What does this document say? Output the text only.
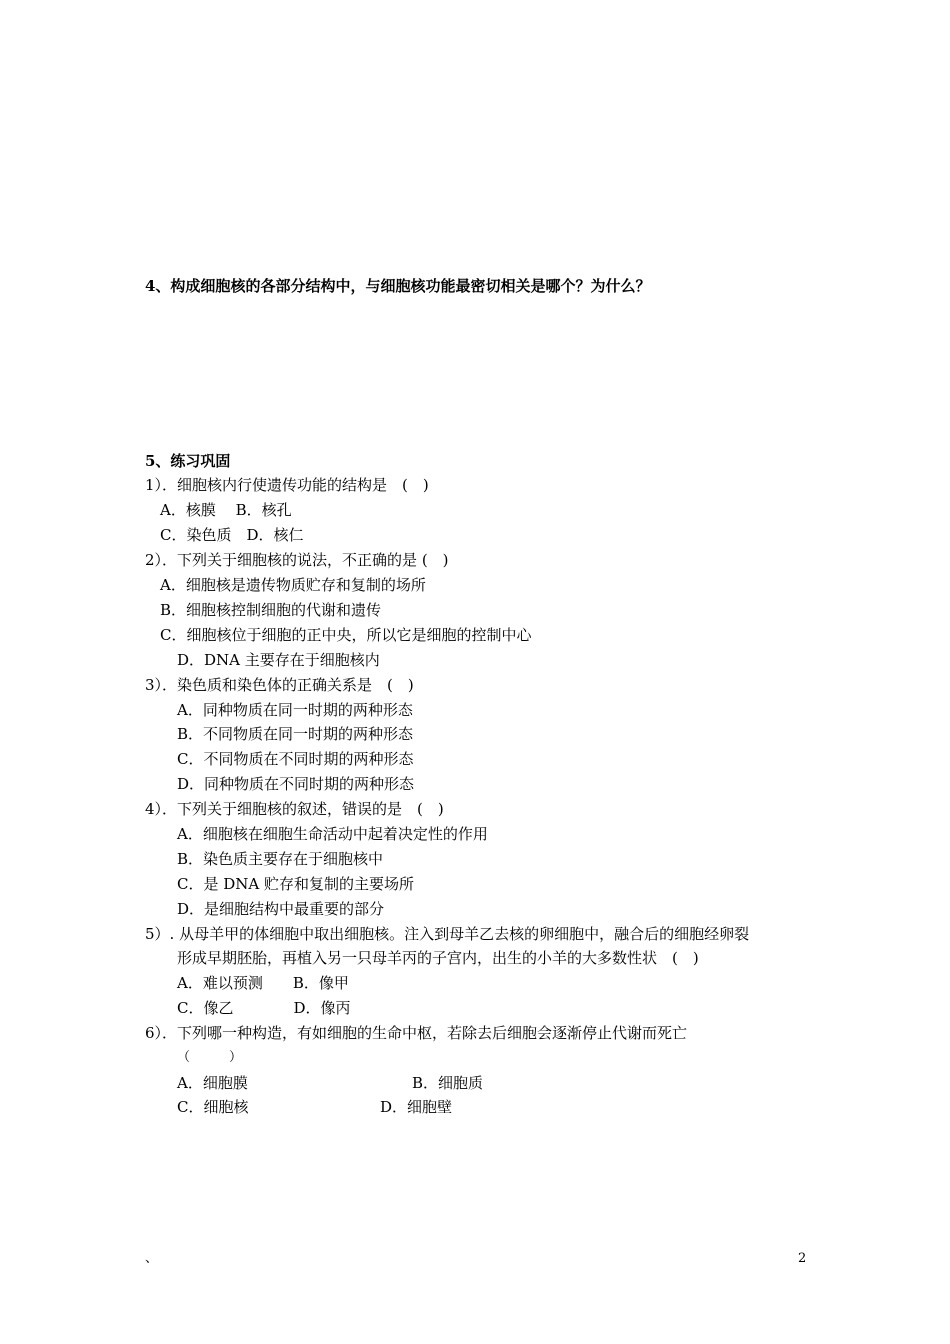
4、构成细胞核的各部分结构中，与细胞核功能最密切相关是哪个？为什么？
5、练习巩固
1）．细胞核内行使遗传功能的结构是　(　)
A．核膜　 B．核孔
C．染色质　D．核仁
2）．下列关于细胞核的说法，不正确的是 (　)
A．细胞核是遗传物质贮存和复制的场所
B．细胞核控制细胞的代谢和遗传
C．细胞核位于细胞的正中央，所以它是细胞的控制中心
D．DNA 主要存在于细胞核内
3）．染色质和染色体的正确关系是　(　)
A．同种物质在同一时期的两种形态
B．不同物质在同一时期的两种形态
C．不同物质在不同时期的两种形态
D．同种物质在不同时期的两种形态
4）．下列关于细胞核的叙述，错误的是　(　)
A．细胞核在细胞生命活动中起着决定性的作用
B．染色质主要存在于细胞核中
C．是 DNA 贮存和复制的主要场所
D．是细胞结构中最重要的部分
5）. 从母羊甲的体细胞中取出细胞核。注入到母羊乙去核的卵细胞中，融合后的细胞经卵裂
形成早期胚胎，再植入另一只母羊丙的子宫内，出生的小羊的大多数性状　(　)
A．难以预测　　B．像甲
C．像乙　　　　D．像丙
6）．下列哪一种构造，有如细胞的生命中枢，若除去后细胞会逐渐停止代谢而死亡
（　　　）
A．细胞膜	B．细胞质
C．细胞核	D．细胞壁
、	2
